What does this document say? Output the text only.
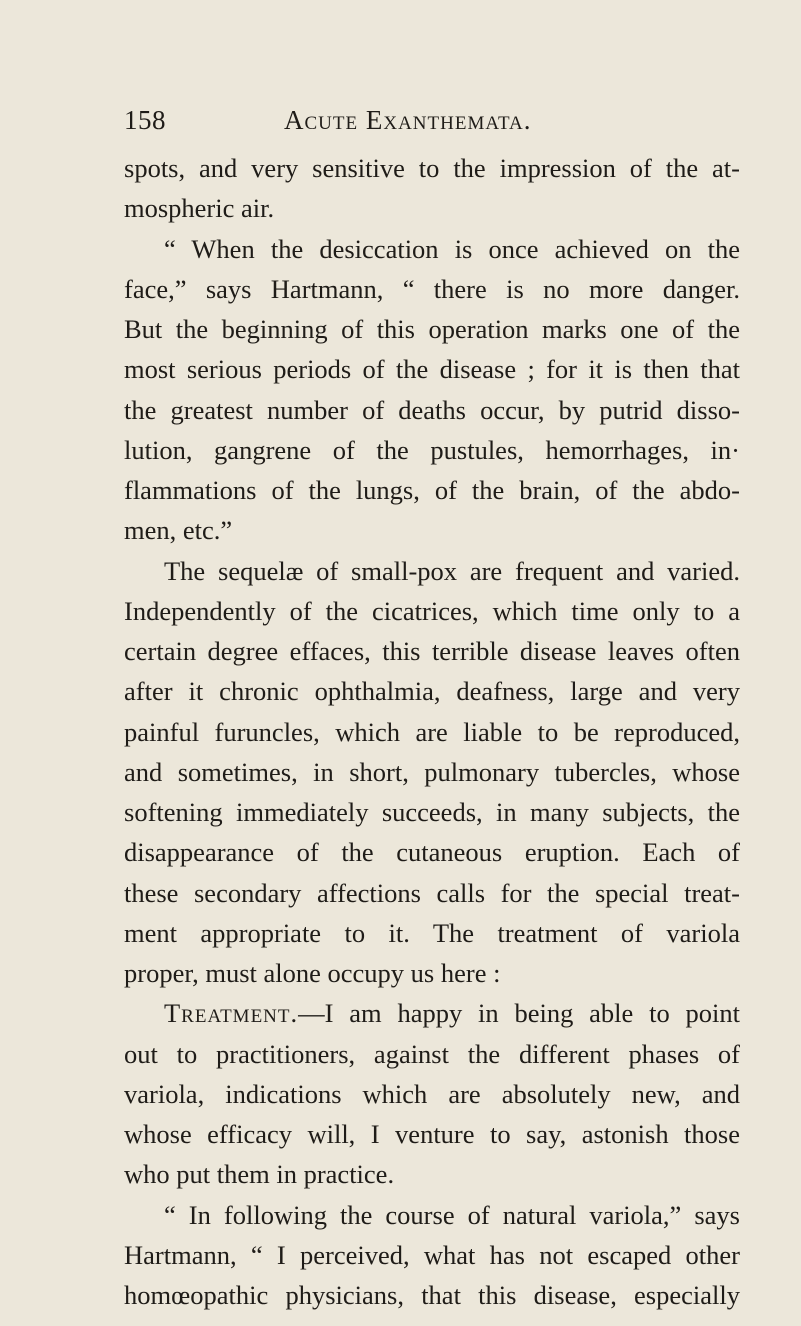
158	Acute Exanthemata.
spots, and very sensitive to the impression of the at-
mospheric air.
“ When the desiccation is once achieved on the
face,” says Hartmann, “ there is no more danger.
But the beginning of this operation marks one of the
most serious periods of the disease ; for it is then that
the greatest number of deaths occur, by putrid disso-
lution, gangrene of the pustules, hemorrhages, in·
flammations of the lungs, of the brain, of the abdo-
men, etc.”
The sequelæ of small-pox are frequent and varied.
Independently of the cicatrices, which time only to a
certain degree effaces, this terrible disease leaves often
after it chronic ophthalmia, deafness, large and very
painful furuncles, which are liable to be reproduced,
and sometimes, in short, pulmonary tubercles, whose
softening immediately succeeds, in many subjects, the
disappearance of the cutaneous eruption. Each of
these secondary affections calls for the special treat-
ment appropriate to it. The treatment of variola
proper, must alone occupy us here :
Treatment.—I am happy in being able to point
out to practitioners, against the different phases of
variola, indications which are absolutely new, and
whose efficacy will, I venture to say, astonish those
who put them in practice.
“ In following the course of natural variola,” says
Hartmann, “ I perceived, what has not escaped other
homœopathic physicians, that this disease, especially
